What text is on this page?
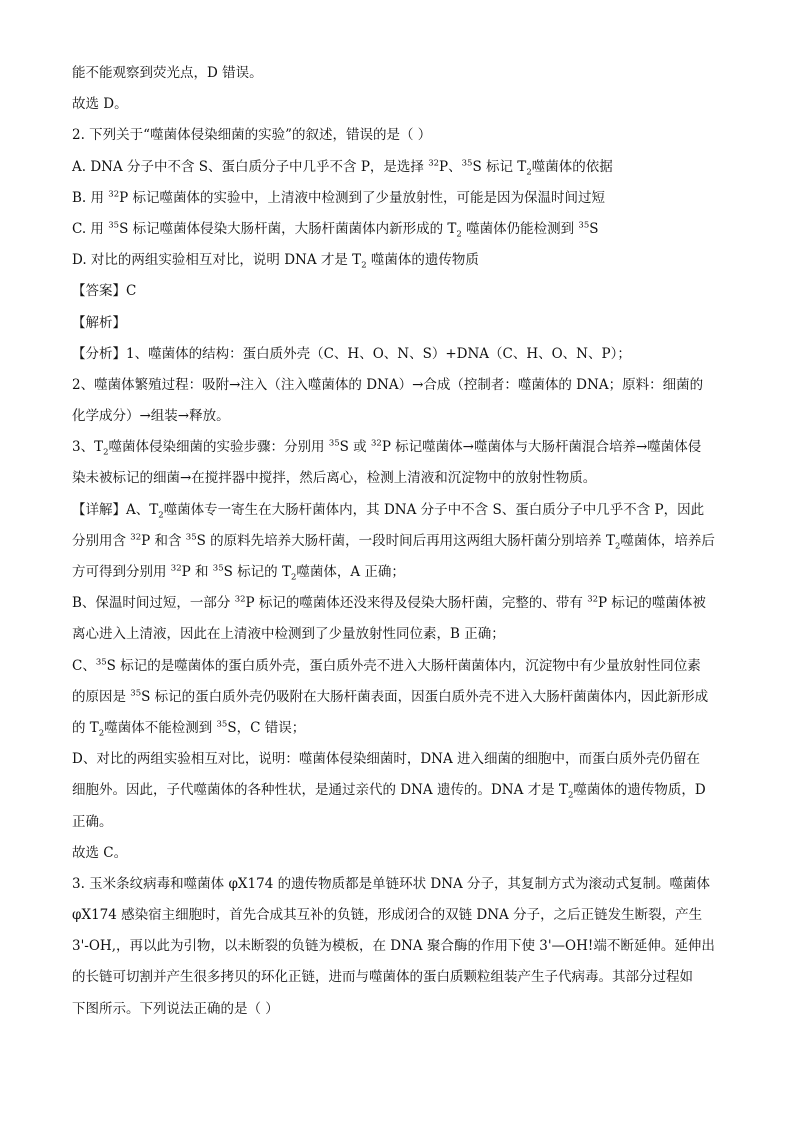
能不能观察到荧光点，D 错误。
故选 D。
2. 下列关于“噬菌体侵染细菌的实验”的叙述，错误的是（ ）
A. DNA 分子中不含 S、蛋白质分子中几乎不含 P，是选择 $^{32}$P、$^{35}$S 标记 $T_2$噬菌体的依据
B. 用 $^{32}$P 标记噬菌体的实验中，上清液中检测到了少量放射性，可能是因为保温时间过短
C. 用 $^{35}$S 标记噬菌体侵染大肠杆菌，大肠杆菌菌体内新形成的 $T_2$ 噬菌体仍能检测到 $^{35}$S
D. 对比的两组实验相互对比，说明 DNA 才是 $T_2$ 噬菌体的遗传物质
【答案】C
【解析】
【分析】1、噬菌体的结构：蛋白质外壳（C、H、O、N、S）+DNA（C、H、O、N、P）；
2、噬菌体繁殖过程：吸附→注入（注入噬菌体的 DNA）→合成（控制者：噬菌体的 DNA；原料：细菌的
化学成分）→组装→释放。
3、$T_2$噬菌体侵染细菌的实验步骤：分别用 $^{35}$S 或 $^{32}$P 标记噬菌体→噬菌体与大肠杆菌混合培养→噬菌体侵
染未被标记的细菌→在搅拌器中搅拌，然后离心，检测上清液和沉淀物中的放射性物质。
【详解】A、$T_2$噬菌体专一寄生在大肠杆菌体内，其 DNA 分子中不含 S、蛋白质分子中几乎不含 P，因此
分别用含 $^{32}$P 和含 $^{35}$S 的原料先培养大肠杆菌，一段时间后再用这两组大肠杆菌分别培养 $T_2$噬菌体，培养后
方可得到分别用 $^{32}$P 和 $^{35}$S 标记的 $T_2$噬菌体，A 正确；
B、保温时间过短，一部分 $^{32}$P 标记的噬菌体还没来得及侵染大肠杆菌，完整的、带有 $^{32}$P 标记的噬菌体被
离心进入上清液，因此在上清液中检测到了少量放射性同位素，B 正确；
C、$^{35}$S 标记的是噬菌体的蛋白质外壳，蛋白质外壳不进入大肠杆菌菌体内，沉淀物中有少量放射性同位素
的原因是 $^{35}$S 标记的蛋白质外壳仍吸附在大肠杆菌表面，因蛋白质外壳不进入大肠杆菌菌体内，因此新形成
的 $T_2$噬菌体不能检测到 $^{35}$S，C 错误；
D、对比的两组实验相互对比，说明：噬菌体侵染细菌时，DNA 进入细菌的细胞中，而蛋白质外壳仍留在
细胞外。因此，子代噬菌体的各种性状，是通过亲代的 DNA 遗传的。DNA 才是 $T_2$噬菌体的遗传物质，D
正确。
故选 C。
3. 玉米条纹病毒和噬菌体 φX174 的遗传物质都是单链环状 DNA 分子，其复制方式为滚动式复制。噬菌体
φX174 感染宿主细胞时，首先合成其互补的负链，形成闭合的双链 DNA 分子，之后正链发生断裂，产生
3'-OH,，再以此为引物，以未断裂的负链为模板，在 DNA 聚合酶的作用下使 3'—OH!端不断延伸。延伸出
的长链可切割并产生很多拷贝的环化正链，进而与噬菌体的蛋白质颗粒组装产生子代病毒。其部分过程如
下图所示。下列说法正确的是（ ）
